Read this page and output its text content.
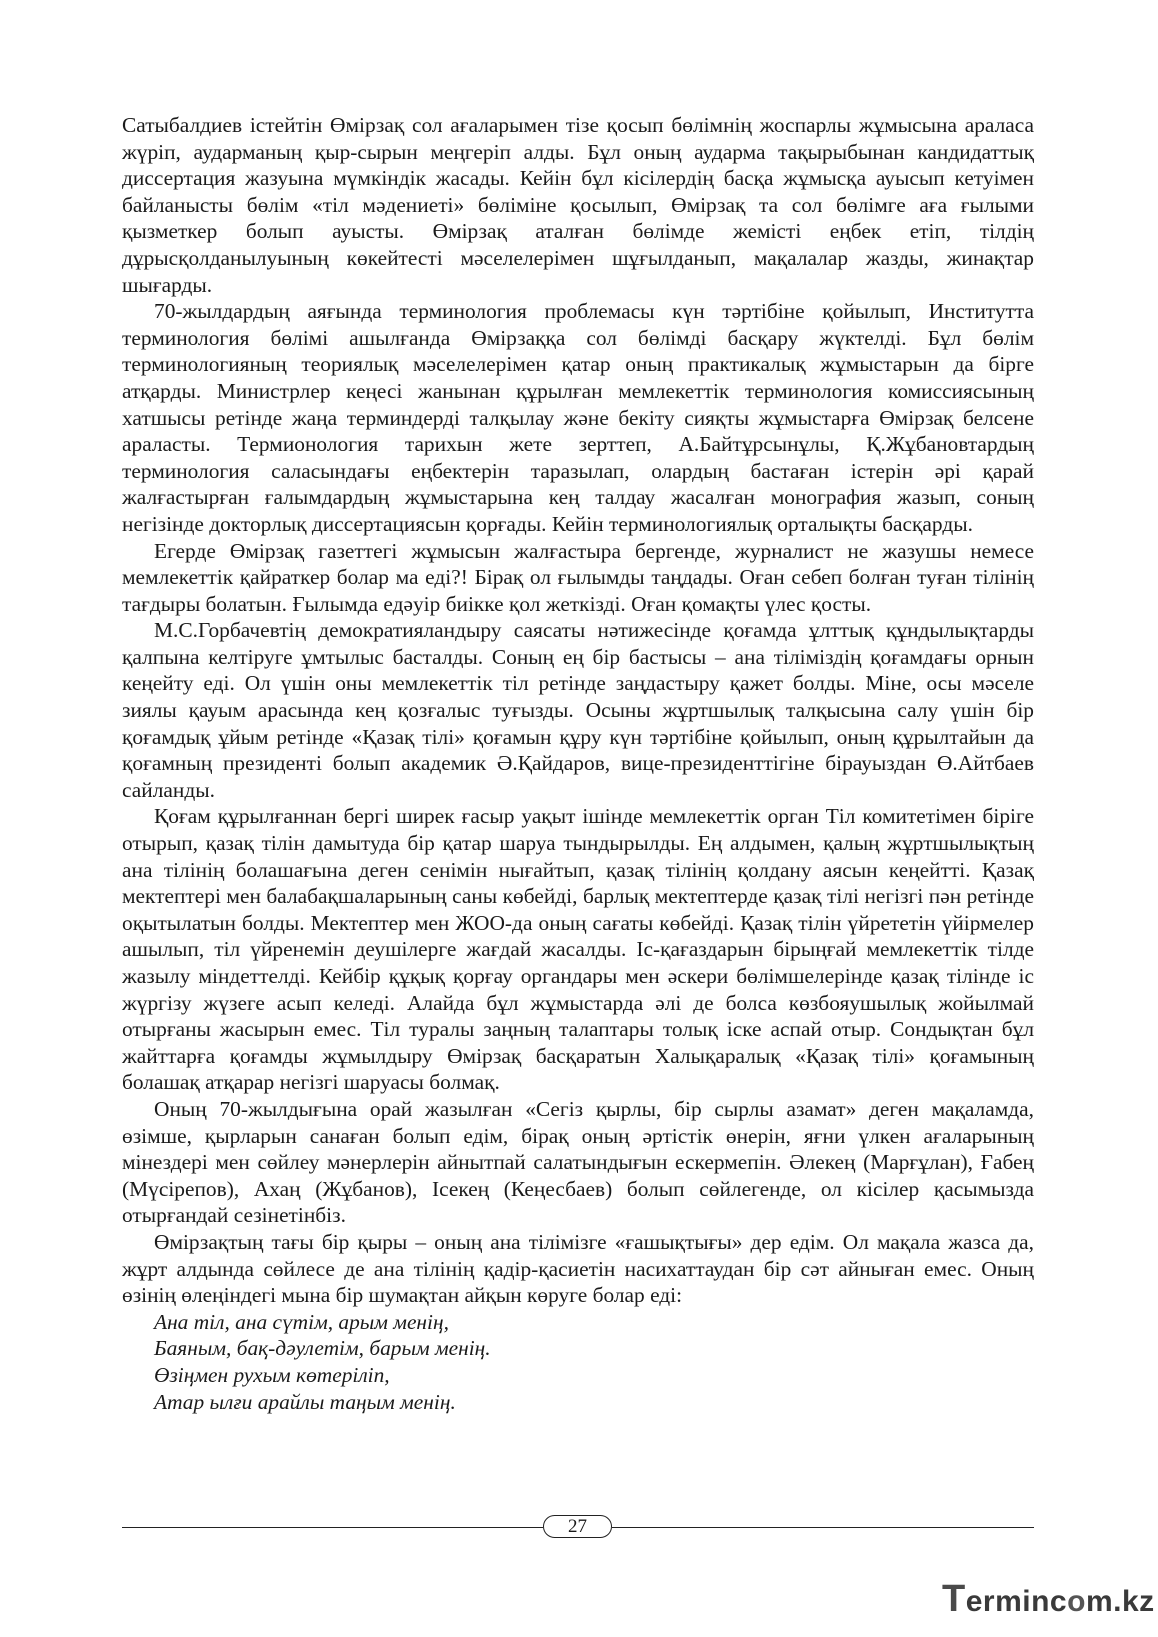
Сатыбалдиев істейтін Өмірзақ сол ағаларымен тізе қосып бөлімнің жоспарлы жұмысына араласа жүріп, аударманың қыр-сырын меңгеріп алды. Бұл оның аударма тақырыбынан кандидаттық диссертация жазуына мүмкіндік жасады. Кейін бұл кісілердің басқа жұмысқа ауысып кетуімен байланысты бөлім «тіл мәдениеті» бөліміне қосылып, Өмірзақ та сол бөлімге аға ғылыми қызметкер болып ауысты. Өмірзақ аталған бөлімде жемісті еңбек етіп, тілдің дұрысқолданылуының көкейтесті мәселелерімен шұғылданып, мақалалар жазды, жинақтар шығарды.

70-жылдардың аяғында терминология проблемасы күн тәртібіне қойылып, Институтта терминология бөлімі ашылғанда Өмірзаққа сол бөлімді басқару жүктелді. Бұл бөлім терминологияның теориялық мәселелерімен қатар оның практикалық жұмыстарын да бірге атқарды. Министрлер кеңесі жанынан құрылған мемлекеттік терминология комиссиясының хатшысы ретінде жаңа терминдерді талқылау және бекіту сияқты жұмыстарға Өмірзақ белсене араласты. Термионология тарихын жете зерттеп, А.Байтұрсынұлы, Қ.Жұбановтардың терминология саласындағы еңбектерін таразылап, олардың бастаған істерін әрі қарай жалғастырған ғалымдардың жұмыстарына кең талдау жасалған монография жазып, соның негізінде докторлық диссертациясын қорғады. Кейін терминологиялық орталықты басқарды.

Егерде Өмірзақ газеттегі жұмысын жалғастыра бергенде, журналист не жазушы немесе мемлекеттік қайраткер болар ма еді?! Бірақ ол ғылымды таңдады. Оған себеп болған туған тілінің тағдыры болатын. Ғылымда едәуір биікке қол жеткізді. Оған қомақты үлес қосты.

М.С.Горбачевтің демократияландыру саясаты нәтижесінде қоғамда ұлттық құндылықтарды қалпына келтіруге ұмтылыс басталды. Соның ең бір бастысы – ана тіліміздің қоғамдағы орнын кеңейту еді. Ол үшін оны мемлекеттік тіл ретінде заңдастыру қажет болды. Міне, осы мәселе зиялы қауым арасында кең қозғалыс туғызды. Осыны жұртшылық талқысына салу үшін бір қоғамдық ұйым ретінде «Қазақ тілі» қоғамын құру күн тәртібіне қойылып, оның құрылтайын да қоғамның президенті болып академик Ә.Қайдаров, вице-президенттігіне бірауыздан Ө.Айтбаев сайланды.

Қоғам құрылғаннан бергі ширек ғасыр уақыт ішінде мемлекеттік орган Тіл комитетімен біріге отырып, қазақ тілін дамытуда бір қатар шаруа тындырылды. Ең алдымен, қалың жұртшылықтың ана тілінің болашағына деген сенімін нығайтып, қазақ тілінің қолдану аясын кеңейтті. Қазақ мектептері мен балабақшаларының саны көбейді, барлық мектептерде қазақ тілі негізгі пән ретінде оқытылатын болды. Мектептер мен ЖОО-да оның сағаты көбейді. Қазақ тілін үйрететін үйірмелер ашылып, тіл үйренемін деушілерге жағдай жасалды. Іс-қағаздарын бірыңғай мемлекеттік тілде жазылу міндеттелді. Кейбір құқық қорғау органдары мен әскери бөлімшелерінде қазақ тілінде іс жүргізу жүзеге асып келеді. Алайда бұл жұмыстарда әлі де болса көзбояушылық жойылмай отырғаны жасырын емес. Тіл туралы заңның талаптары толық іске аспай отыр. Сондықтан бұл жайттарға қоғамды жұмылдыру Өмірзақ басқаратын Халықаралық «Қазақ тілі» қоғамының болашақ атқарар негізгі шаруасы болмақ.

Оның 70-жылдығына орай жазылған «Сегіз қырлы, бір сырлы азамат» деген мақаламда, өзімше, қырларын санаған болып едім, бірақ оның әртістік өнерін, яғни үлкен ағаларының мінездері мен сөйлеу мәнерлерін айнытпай салатындығын ескермепін. Әлекең (Марғұлан), Ғабең (Мүсірепов), Ахаң (Жұбанов), Ісекең (Кеңесбаев) болып сөйлегенде, ол кісілер қасымызда отырғандай сезінетінбіз.

Өмірзақтың тағы бір қыры – оның ана тілімізге «ғашықтығы» дер едім. Ол мақала жазса да, жұрт алдында сөйлесе де ана тілінің қадір-қасиетін насихаттаудан бір сәт айныған емес. Оның өзінің өлеңіндегі мына бір шумақтан айқын көруге болар еді:

Ана тіл, ана сүтім, арым менің,
Баяным, бақ-дәулетім, барым менің.
Өзіңмен рухым көтеріліп,
Атар ылғи арайлы таңым менің.
27
Termincom.kz
